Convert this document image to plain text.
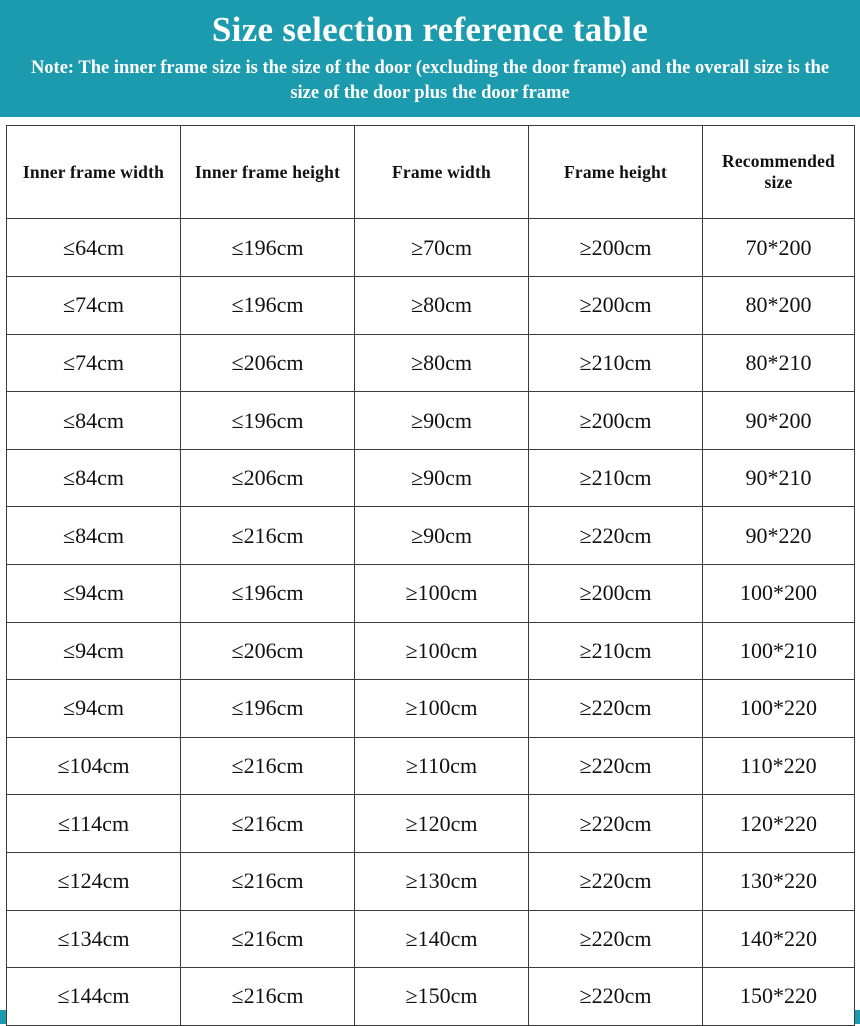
Size selection reference table
Note: The inner frame size is the size of the door (excluding the door frame) and the overall size is the size of the door plus the door frame
Inner frame width	Inner frame height	Frame width	Frame height	Recommended size
≤64cm	≤196cm	≥70cm	≥200cm	70*200
≤74cm	≤196cm	≥80cm	≥200cm	80*200
≤74cm	≤206cm	≥80cm	≥210cm	80*210
≤84cm	≤196cm	≥90cm	≥200cm	90*200
≤84cm	≤206cm	≥90cm	≥210cm	90*210
≤84cm	≤216cm	≥90cm	≥220cm	90*220
≤94cm	≤196cm	≥100cm	≥200cm	100*200
≤94cm	≤206cm	≥100cm	≥210cm	100*210
≤94cm	≤196cm	≥100cm	≥220cm	100*220
≤104cm	≤216cm	≥110cm	≥220cm	110*220
≤114cm	≤216cm	≥120cm	≥220cm	120*220
≤124cm	≤216cm	≥130cm	≥220cm	130*220
≤134cm	≤216cm	≥140cm	≥220cm	140*220
≤144cm	≤216cm	≥150cm	≥220cm	150*220
